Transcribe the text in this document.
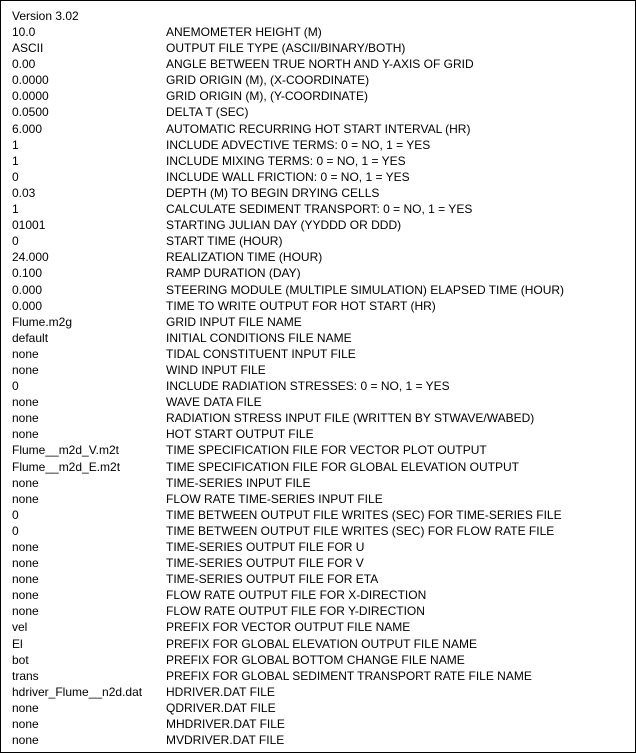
Version 3.02
10.0	ANEMOMETER HEIGHT (M)
ASCII	OUTPUT FILE TYPE (ASCII/BINARY/BOTH)
0.00	ANGLE BETWEEN TRUE NORTH AND Y-AXIS OF GRID
0.0000	GRID ORIGIN (M), (X-COORDINATE)
0.0000	GRID ORIGIN (M), (Y-COORDINATE)
0.0500	DELTA T (SEC)
6.000	AUTOMATIC RECURRING HOT START INTERVAL (HR)
1	INCLUDE ADVECTIVE TERMS: 0 = NO, 1 = YES
1	INCLUDE MIXING TERMS: 0 = NO, 1 = YES
0	INCLUDE WALL FRICTION: 0 = NO, 1 = YES
0.03	DEPTH (M) TO BEGIN DRYING CELLS
1	CALCULATE SEDIMENT TRANSPORT: 0 = NO, 1 = YES
01001	STARTING JULIAN DAY (YYDDD OR DDD)
0	START TIME (HOUR)
24.000	REALIZATION TIME (HOUR)
0.100	RAMP DURATION (DAY)
0.000	STEERING MODULE (MULTIPLE SIMULATION) ELAPSED TIME (HOUR)
0.000	TIME TO WRITE OUTPUT FOR HOT START (HR)
Flume.m2g	GRID INPUT FILE NAME
default	INITIAL CONDITIONS FILE NAME
none	TIDAL CONSTITUENT INPUT FILE
none	WIND INPUT FILE
0	INCLUDE RADIATION STRESSES: 0 = NO, 1 = YES
none	WAVE DATA FILE
none	RADIATION STRESS INPUT FILE (WRITTEN BY STWAVE/WABED)
none	HOT START OUTPUT FILE
Flume__m2d_V.m2t	TIME SPECIFICATION FILE FOR VECTOR PLOT OUTPUT
Flume__m2d_E.m2t	TIME SPECIFICATION FILE FOR GLOBAL ELEVATION OUTPUT
none	TIME-SERIES INPUT FILE
none	FLOW RATE TIME-SERIES INPUT FILE
0	TIME BETWEEN OUTPUT FILE WRITES (SEC) FOR TIME-SERIES FILE
0	TIME BETWEEN OUTPUT FILE WRITES (SEC) FOR FLOW RATE FILE
none	TIME-SERIES OUTPUT FILE FOR U
none	TIME-SERIES OUTPUT FILE FOR V
none	TIME-SERIES OUTPUT FILE FOR ETA
none	FLOW RATE OUTPUT FILE FOR X-DIRECTION
none	FLOW RATE OUTPUT FILE FOR Y-DIRECTION
vel	PREFIX FOR VECTOR OUTPUT FILE NAME
El	PREFIX FOR GLOBAL ELEVATION OUTPUT FILE NAME
bot	PREFIX FOR GLOBAL BOTTOM CHANGE FILE NAME
trans	PREFIX FOR GLOBAL SEDIMENT TRANSPORT RATE FILE NAME
hdriver_Flume__n2d.dat HDRIVER.DAT FILE
none	QDRIVER.DAT FILE
none	MHDRIVER.DAT FILE
none	MVDRIVER.DAT FILE
